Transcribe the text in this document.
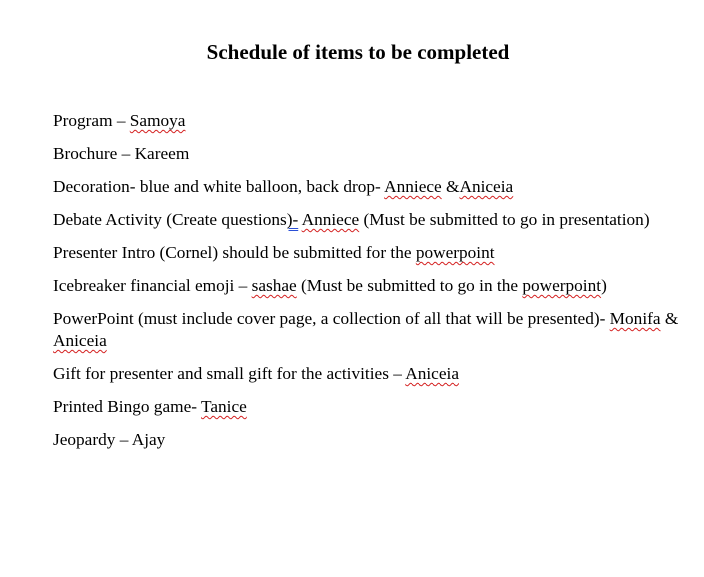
Schedule of items to be completed
Program – Samoya
Brochure – Kareem
Decoration- blue and white balloon, back drop- Anniece &Aniceia
Debate Activity (Create questions)- Anniece (Must be submitted to go in presentation)
Presenter Intro (Cornel) should be submitted for the powerpoint
Icebreaker financial emoji – sashae (Must be submitted to go in the powerpoint)
PowerPoint (must include cover page, a collection of all that will be presented)- Monifa & Aniceia
Gift for presenter and small gift for the activities – Aniceia
Printed Bingo game- Tanice
Jeopardy – Ajay
